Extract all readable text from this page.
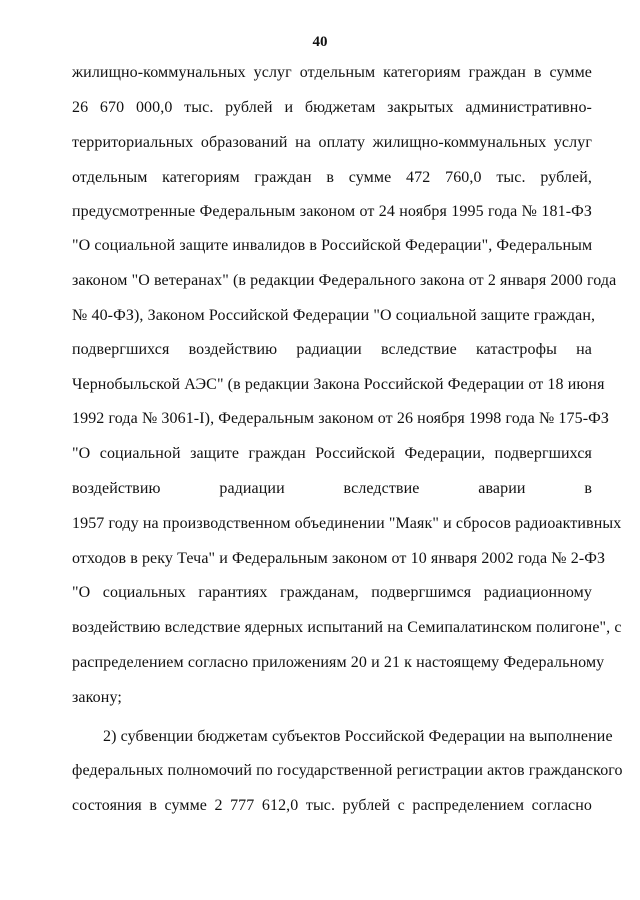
40
жилищно-коммунальных услуг отдельным категориям граждан в сумме
26 670 000,0 тыс. рублей и бюджетам закрытых административно-
территориальных образований на оплату жилищно-коммунальных услуг
отдельным категориям граждан в сумме 472 760,0 тыс. рублей,
предусмотренные Федеральным законом от 24 ноября 1995 года № 181-ФЗ
"О социальной защите инвалидов в Российской Федерации", Федеральным
законом "О ветеранах" (в редакции Федерального закона от 2 января 2000 года
№ 40-ФЗ), Законом Российской Федерации "О социальной защите граждан,
подвергшихся воздействию радиации вследствие катастрофы на
Чернобыльской АЭС" (в редакции Закона Российской Федерации от 18 июня
1992 года № 3061-I), Федеральным законом от 26 ноября 1998 года № 175-ФЗ
"О социальной защите граждан Российской Федерации, подвергшихся
воздействию радиации вследствие аварии в
1957 году на производственном объединении "Маяк" и сбросов радиоактивных
отходов в реку Теча" и Федеральным законом от 10 января 2002 года № 2-ФЗ
"О социальных гарантиях гражданам, подвергшимся радиационному
воздействию вследствие ядерных испытаний на Семипалатинском полигоне", с
распределением согласно приложениям 20 и 21 к настоящему Федеральному
закону;
2) субвенции бюджетам субъектов Российской Федерации на выполнение
федеральных полномочий по государственной регистрации актов гражданского
состояния в сумме 2 777 612,0 тыс. рублей с распределением согласно
